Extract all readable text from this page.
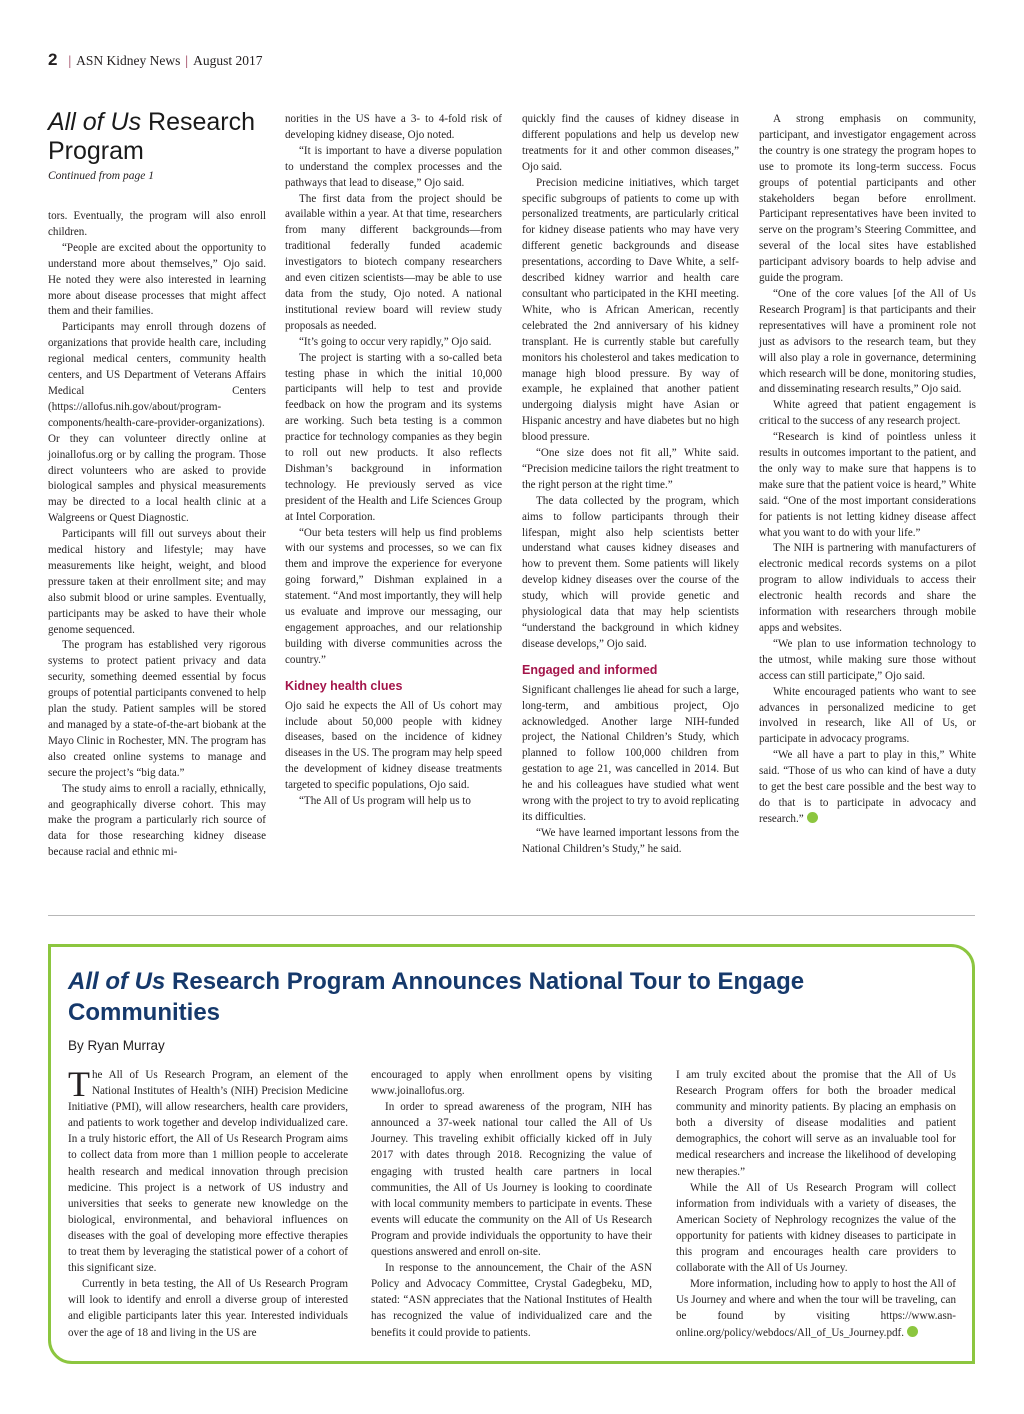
2 | ASN Kidney News | August 2017
All of Us Research Program
Continued from page 1

tors. Eventually, the program will also enroll children.

“People are excited about the opportunity to understand more about themselves,” Ojo said. He noted they were also interested in learning more about disease processes that might affect them and their families.

Participants may enroll through dozens of organizations that provide health care, including regional medical centers, community health centers, and US Department of Veterans Affairs Medical Centers (https://allofus.nih.gov/about/program-components/health-care-provider-organizations). Or they can volunteer directly online at joinallofus.org or by calling the program. Those direct volunteers who are asked to provide biological samples and physical measurements may be directed to a local health clinic at a Walgreens or Quest Diagnostic.

Participants will fill out surveys about their medical history and lifestyle; may have measurements like height, weight, and blood pressure taken at their enrollment site; and may also submit blood or urine samples. Eventually, participants may be asked to have their whole genome sequenced.

The program has established very rigorous systems to protect patient privacy and data security, something deemed essential by focus groups of potential participants convened to help plan the study. Patient samples will be stored and managed by a state-of-the-art biobank at the Mayo Clinic in Rochester, MN. The program has also created online systems to manage and secure the project’s “big data.”

The study aims to enroll a racially, ethnically, and geographically diverse cohort. This may make the program a particularly rich source of data for those researching kidney disease because racial and ethnic mi-

norities in the US have a 3- to 4-fold risk of developing kidney disease, Ojo noted.

“It is important to have a diverse population to understand the complex processes and the pathways that lead to disease,” Ojo said.

The first data from the project should be available within a year. At that time, researchers from many different backgrounds—from traditional federally funded academic investigators to biotech company researchers and even citizen scientists—may be able to use data from the study, Ojo noted. A national institutional review board will review study proposals as needed.

“It’s going to occur very rapidly,” Ojo said.

The project is starting with a so-called beta testing phase in which the initial 10,000 participants will help to test and provide feedback on how the program and its systems are working. Such beta testing is a common practice for technology companies as they begin to roll out new products. It also reflects Dishman’s background in information technology. He previously served as vice president of the Health and Life Sciences Group at Intel Corporation.

“Our beta testers will help us find problems with our systems and processes, so we can fix them and improve the experience for everyone going forward,” Dishman explained in a statement. “And most importantly, they will help us evaluate and improve our messaging, our engagement approaches, and our relationship building with diverse communities across the country.”

Kidney health clues

Ojo said he expects the All of Us cohort may include about 50,000 people with kidney diseases, based on the incidence of kidney diseases in the US. The program may help speed the development of kidney disease treatments targeted to specific populations, Ojo said.

“The All of Us program will help us to

quickly find the causes of kidney disease in different populations and help us develop new treatments for it and other common diseases,” Ojo said.

Precision medicine initiatives, which target specific subgroups of patients to come up with personalized treatments, are particularly critical for kidney disease patients who may have very different genetic backgrounds and disease presentations, according to Dave White, a self-described kidney warrior and health care consultant who participated in the KHI meeting. White, who is African American, recently celebrated the 2nd anniversary of his kidney transplant. He is currently stable but carefully monitors his cholesterol and takes medication to manage high blood pressure. By way of example, he explained that another patient undergoing dialysis might have Asian or Hispanic ancestry and have diabetes but no high blood pressure.

“One size does not fit all,” White said. “Precision medicine tailors the right treatment to the right person at the right time.”

The data collected by the program, which aims to follow participants through their lifespan, might also help scientists better understand what causes kidney diseases and how to prevent them. Some patients will likely develop kidney diseases over the course of the study, which will provide genetic and physiological data that may help scientists “understand the background in which kidney disease develops,” Ojo said.

Engaged and informed

Significant challenges lie ahead for such a large, long-term, and ambitious project, Ojo acknowledged. Another large NIH-funded project, the National Children’s Study, which planned to follow 100,000 children from gestation to age 21, was cancelled in 2014. But he and his colleagues have studied what went wrong with the project to try to avoid replicating its difficulties.

“We have learned important lessons from the National Children’s Study,” he said.

A strong emphasis on community, participant, and investigator engagement across the country is one strategy the program hopes to use to promote its long-term success. Focus groups of potential participants and other stakeholders began before enrollment. Participant representatives have been invited to serve on the program’s Steering Committee, and several of the local sites have established participant advisory boards to help advise and guide the program.

“One of the core values [of the All of Us Research Program] is that participants and their representatives will have a prominent role not just as advisors to the research team, but they will also play a role in governance, determining which research will be done, monitoring studies, and disseminating research results,” Ojo said.

White agreed that patient engagement is critical to the success of any research project.

“Research is kind of pointless unless it results in outcomes important to the patient, and the only way to make sure that happens is to make sure that the patient voice is heard,” White said. “One of the most important considerations for patients is not letting kidney disease affect what you want to do with your life.”

The NIH is partnering with manufacturers of electronic medical records systems on a pilot program to allow individuals to access their electronic health records and share the information with researchers through mobile apps and websites.

“We plan to use information technology to the utmost, while making sure those without access can still participate,” Ojo said.

White encouraged patients who want to see advances in personalized medicine to get involved in research, like All of Us, or participate in advocacy programs.

“We all have a part to play in this,” White said. “Those of us who can kind of have a duty to get the best care possible and the best way to do that is to participate in advocacy and research.”

All of Us Research Program Announces National Tour to Engage Communities
By Ryan Murray

The All of Us Research Program, an element of the National Institutes of Health’s (NIH) Precision Medicine Initiative (PMI), will allow researchers, health care providers, and patients to work together and develop individualized care. In a truly historic effort, the All of Us Research Program aims to collect data from more than 1 million people to accelerate health research and medical innovation through precision medicine. This project is a network of US industry and universities that seeks to generate new knowledge on the biological, environmental, and behavioral influences on diseases with the goal of developing more effective therapies to treat them by leveraging the statistical power of a cohort of this significant size.

Currently in beta testing, the All of Us Research Program will look to identify and enroll a diverse group of interested and eligible participants later this year. Interested individuals over the age of 18 and living in the US are

encouraged to apply when enrollment opens by visiting www.joinallofus.org.

In order to spread awareness of the program, NIH has announced a 37-week national tour called the All of Us Journey. This traveling exhibit officially kicked off in July 2017 with dates through 2018. Recognizing the value of engaging with trusted health care partners in local communities, the All of Us Journey is looking to coordinate with local community members to participate in events. These events will educate the community on the All of Us Research Program and provide individuals the opportunity to have their questions answered and enroll on-site.

In response to the announcement, the Chair of the ASN Policy and Advocacy Committee, Crystal Gadegbeku, MD, stated: “ASN appreciates that the National Institutes of Health has recognized the value of individualized care and the benefits it could provide to patients.

I am truly excited about the promise that the All of Us Research Program offers for both the broader medical community and minority patients. By placing an emphasis on both a diversity of disease modalities and patient demographics, the cohort will serve as an invaluable tool for medical researchers and increase the likelihood of developing new therapies.”

While the All of Us Research Program will collect information from individuals with a variety of diseases, the American Society of Nephrology recognizes the value of the opportunity for patients with kidney diseases to participate in this program and encourages health care providers to collaborate with the All of Us Journey.

More information, including how to apply to host the All of Us Journey and where and when the tour will be traveling, can be found by visiting https://www.asn-online.org/policy/webdocs/All_of_Us_Journey.pdf.
